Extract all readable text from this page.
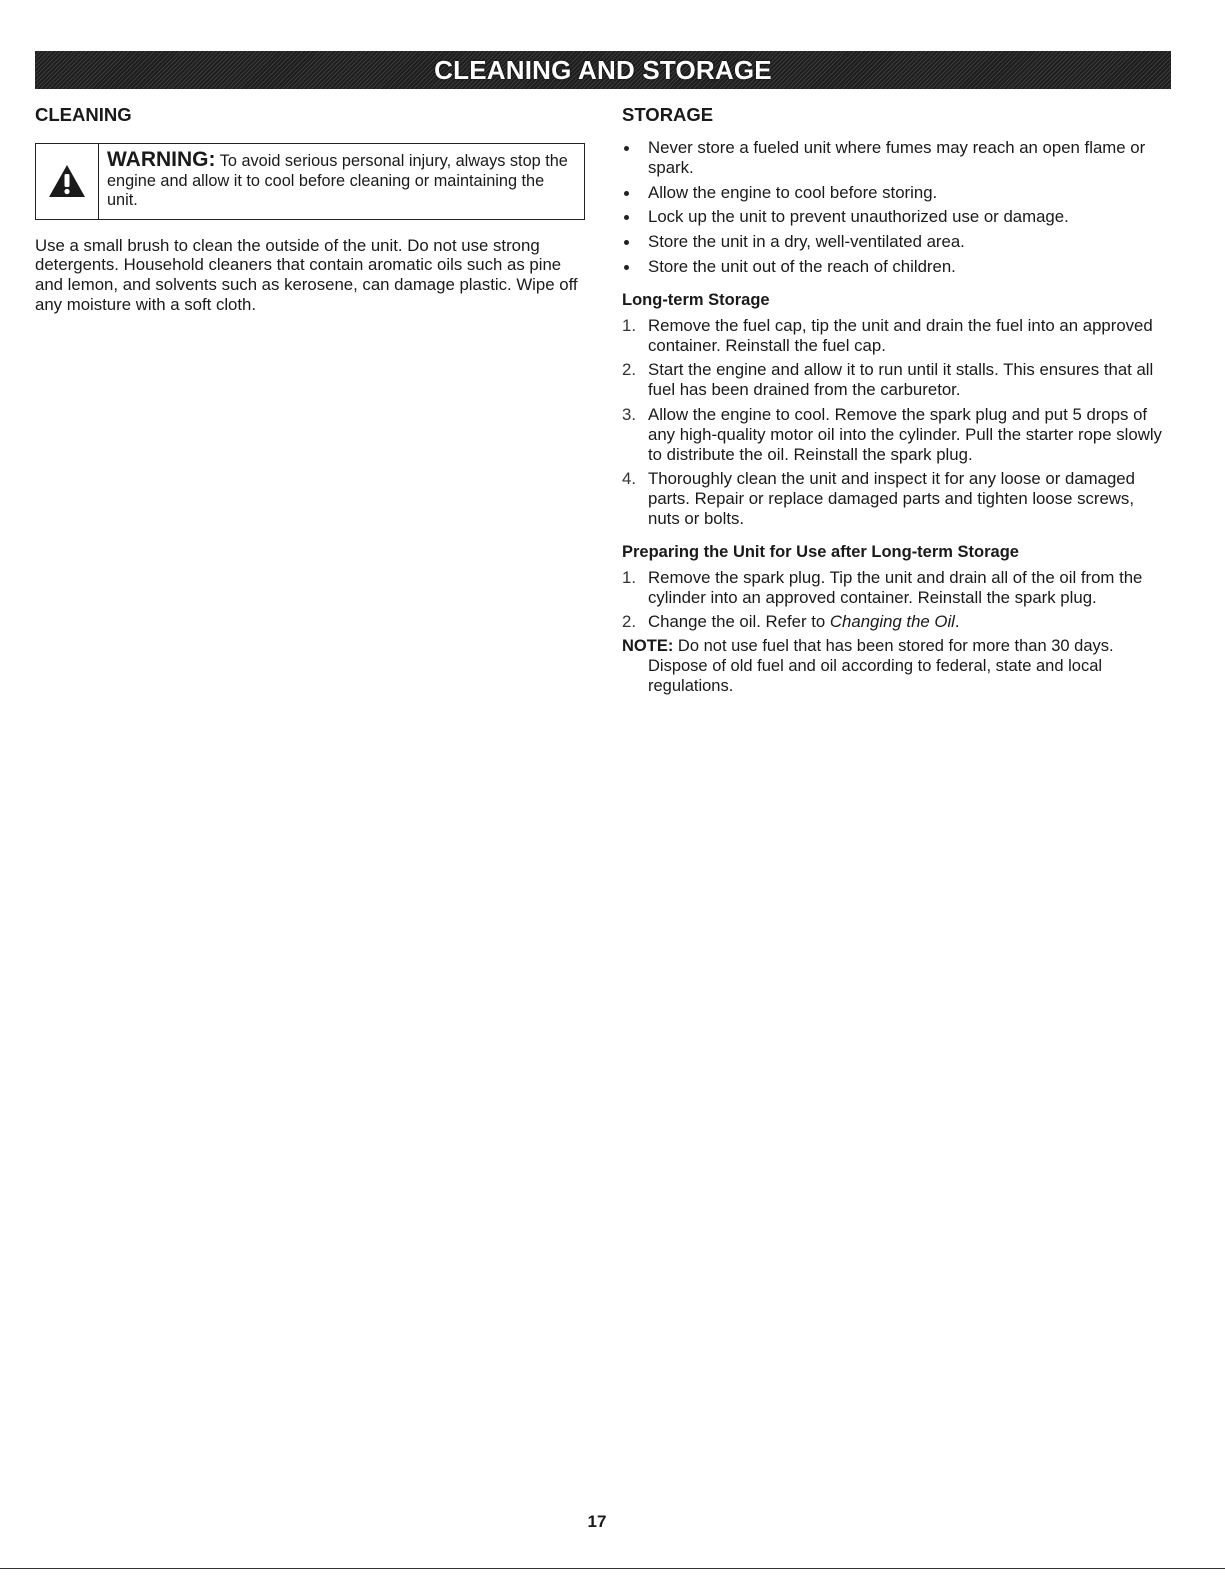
CLEANING AND STORAGE
CLEANING
WARNING: To avoid serious personal injury, always stop the engine and allow it to cool before cleaning or maintaining the unit.

Use a small brush to clean the outside of the unit. Do not use strong detergents. Household cleaners that contain aromatic oils such as pine and lemon, and solvents such as kerosene, can damage plastic. Wipe off any moisture with a soft cloth.

STORAGE
Never store a fueled unit where fumes may reach an open flame or spark.
Allow the engine to cool before storing.
Lock up the unit to prevent unauthorized use or damage.
Store the unit in a dry, well-ventilated area.
Store the unit out of the reach of children.
Long-term Storage
1. Remove the fuel cap, tip the unit and drain the fuel into an approved container. Reinstall the fuel cap.
2. Start the engine and allow it to run until it stalls. This ensures that all fuel has been drained from the carburetor.
3. Allow the engine to cool. Remove the spark plug and put 5 drops of any high-quality motor oil into the cylinder. Pull the starter rope slowly to distribute the oil. Reinstall the spark plug.
4. Thoroughly clean the unit and inspect it for any loose or damaged parts. Repair or replace damaged parts and tighten loose screws, nuts or bolts.
Preparing the Unit for Use after Long-term Storage
1. Remove the spark plug. Tip the unit and drain all of the oil from the cylinder into an approved container. Reinstall the spark plug.
2. Change the oil. Refer to Changing the Oil.
NOTE: Do not use fuel that has been stored for more than 30 days. Dispose of old fuel and oil according to federal, state and local regulations.
17
